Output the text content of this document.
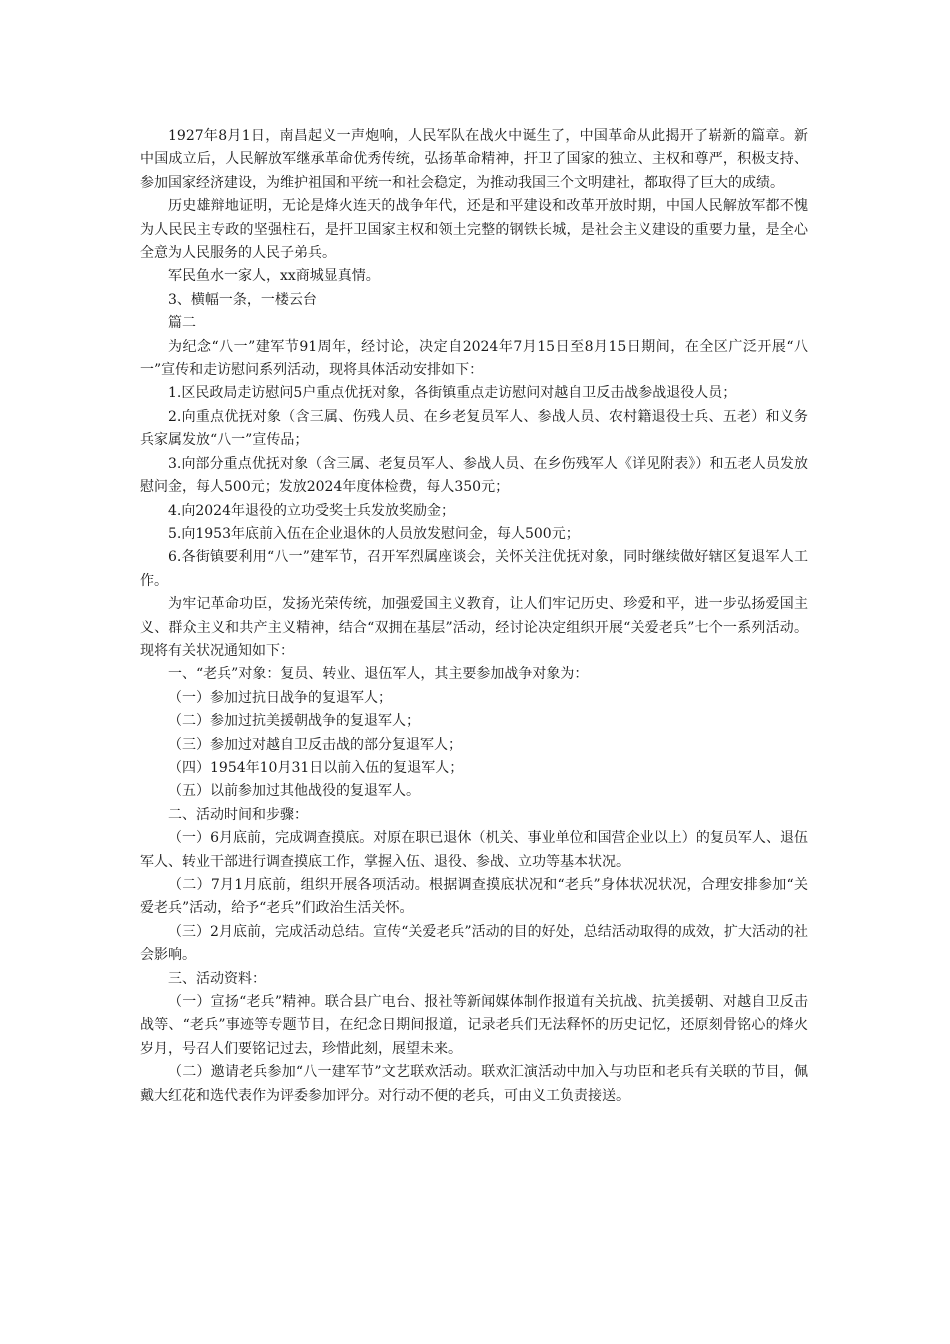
1927年8月1日，南昌起义一声炮响，人民军队在战火中诞生了，中国革命从此揭开了崭新的篇章。新中国成立后，人民解放军继承革命优秀传统，弘扬革命精神，扞卫了国家的独立、主权和尊严，积极支持、参加国家经济建设，为维护祖国和平统一和社会稳定，为推动我国三个文明建社，都取得了巨大的成绩。

历史雄辩地证明，无论是烽火连天的战争年代，还是和平建设和改革开放时期，中国人民解放军都不愧为人民民主专政的坚强柱石，是扞卫国家主权和领土完整的钢铁长城，是社会主义建设的重要力量，是全心全意为人民服务的人民子弟兵。

军民鱼水一家人，xx商城显真情。

3、横幅一条，一楼云台

篇二

为纪念“八一”建军节91周年，经讨论，决定自2024年7月15日至8月15日期间，在全区广泛开展“八一”宣传和走访慰问系列活动，现将具体活动安排如下：

1.区民政局走访慰问5户重点优抚对象，各街镇重点走访慰问对越自卫反击战参战退役人员；

2.向重点优抚对象（含三属、伤残人员、在乡老复员军人、参战人员、农村籍退役士兵、五老）和义务兵家属发放“八一”宣传品；

3.向部分重点优抚对象（含三属、老复员军人、参战人员、在乡伤残军人《详见附表》）和五老人员发放慰问金，每人500元；发放2024年度体检费，每人350元；

4.向2024年退役的立功受奖士兵发放奖励金；

5.向1953年底前入伍在企业退休的人员放发慰问金，每人500元；

6.各街镇要利用“八一”建军节，召开军烈属座谈会，关怀关注优抚对象，同时继续做好辖区复退军人工作。

为牢记革命功臣，发扬光荣传统，加强爱国主义教育，让人们牢记历史、珍爱和平，进一步弘扬爱国主义、群众主义和共产主义精神，结合“双拥在基层”活动，经讨论决定组织开展“关爱老兵”七个一系列活动。现将有关状况通知如下：

一、“老兵”对象：复员、转业、退伍军人，其主要参加战争对象为：

（一）参加过抗日战争的复退军人；

（二）参加过抗美援朝战争的复退军人；

（三）参加过对越自卫反击战的部分复退军人；

（四）1954年10月31日以前入伍的复退军人；

（五）以前参加过其他战役的复退军人。

二、活动时间和步骤：

（一）6月底前，完成调查摸底。对原在职已退休（机关、事业单位和国营企业以上）的复员军人、退伍军人、转业干部进行调查摸底工作，掌握入伍、退役、参战、立功等基本状况。

（二）7月1月底前，组织开展各项活动。根据调查摸底状况和“老兵”身体状况状况，合理安排参加“关爱老兵”活动，给予“老兵”们政治生活关怀。

（三）2月底前，完成活动总结。宣传“关爱老兵”活动的目的好处，总结活动取得的成效，扩大活动的社会影响。

三、活动资料：

（一）宣扬“老兵”精神。联合县广电台、报社等新闻媒体制作报道有关抗战、抗美援朝、对越自卫反击战等、“老兵”事迹等专题节目，在纪念日期间报道，记录老兵们无法释怀的历史记忆，还原刻骨铭心的烽火岁月，号召人们要铭记过去，珍惜此刻，展望未来。

（二）邀请老兵参加“八一建军节”文艺联欢活动。联欢汇演活动中加入与功臣和老兵有关联的节目，佩戴大红花和选代表作为评委参加评分。对行动不便的老兵，可由义工负责接送。
